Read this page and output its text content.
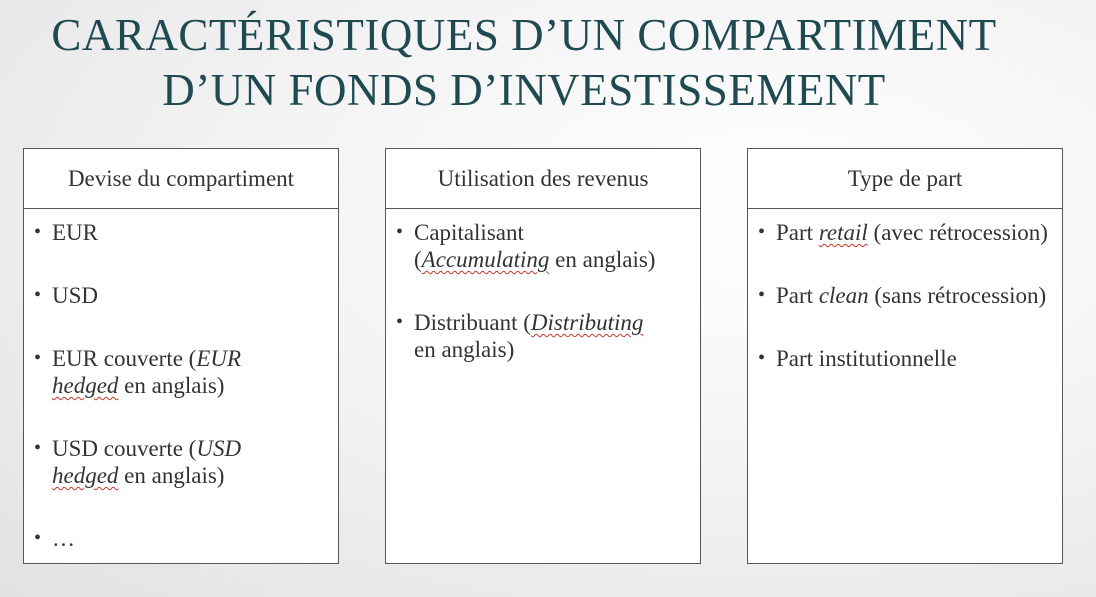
CARACTÉRISTIQUES D’UN COMPARTIMENT
D’UN FONDS D’INVESTISSEMENT
Devise du compartiment
• EUR
• USD
• EUR couverte (EUR
hedged en anglais)
• USD couverte (USD
hedged en anglais)
• …
Utilisation des revenus
• Capitalisant
(Accumulating en anglais)
• Distribuant (Distributing
en anglais)
Type de part
• Part retail (avec rétrocession)
• Part clean (sans rétrocession)
• Part institutionnelle
